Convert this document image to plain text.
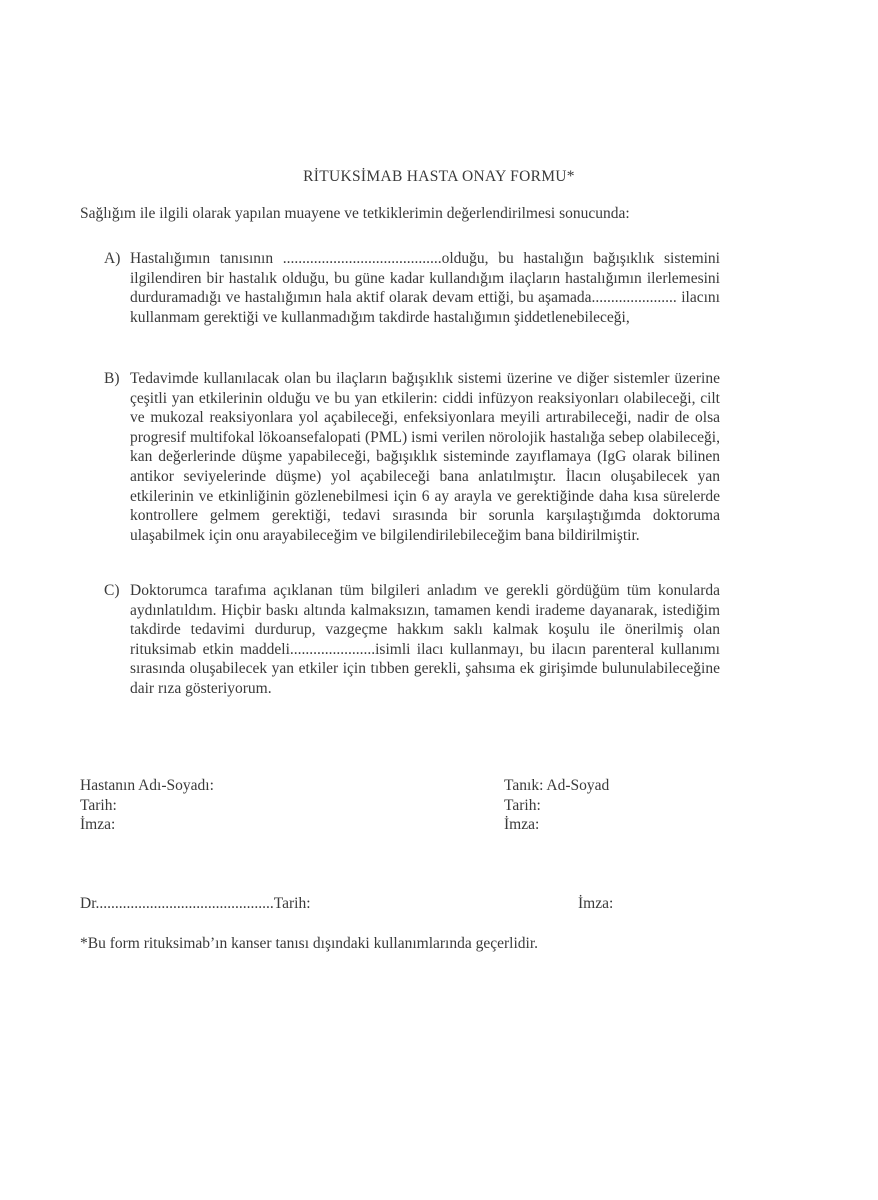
RİTUKSİMAB HASTA ONAY FORMU*
Sağlığım ile ilgili olarak yapılan muayene ve tetkiklerimin değerlendirilmesi sonucunda:
A) Hastalığımın tanısının .........................................olduğu, bu hastalığın bağışıklık sistemini ilgilendiren bir hastalık olduğu, bu güne kadar kullandığım ilaçların hastalığımın ilerlemesini durduramadığı ve hastalığımın hala aktif olarak devam ettiği, bu aşamada...................... ilacını kullanmam gerektiği ve kullanmadığım takdirde hastalığımın şiddetlenebileceği,
B) Tedavimde kullanılacak olan bu ilaçların bağışıklık sistemi üzerine ve diğer sistemler üzerine çeşitli yan etkilerinin olduğu ve bu yan etkilerin: ciddi infüzyon reaksiyonları olabileceği, cilt ve mukozal reaksiyonlara yol açabileceği, enfeksiyonlara meyili artırabileceği, nadir de olsa progresif multifokal lökoansefalopati (PML) ismi verilen nörolojik hastalığa sebep olabileceği, kan değerlerinde düşme yapabileceği, bağışıklık sisteminde zayıflamaya (IgG olarak bilinen antikor seviyelerinde düşme) yol açabileceği bana anlatılmıştır. İlacın oluşabilecek yan etkilerinin ve etkinliğinin gözlenebilmesi için 6 ay arayla ve gerektiğinde daha kısa sürelerde kontrollere gelmem gerektiği, tedavi sırasında bir sorunla karşılaştığımda doktoruma ulaşabilmek için onu arayabileceğim ve bilgilendirilebileceğim bana bildirilmiştir.
C) Doktorumca tarafıma açıklanan tüm bilgileri anladım ve gerekli gördüğüm tüm konularda aydınlatıldım. Hiçbir baskı altında kalmaksızın, tamamen kendi irademe dayanarak, istediğim takdirde tedavimi durdurup, vazgeçme hakkım saklı kalmak koşulu ile önerilmiş olan rituksimab etkin maddeli......................isimli ilacı kullanmayı, bu ilacın parenteral kullanımı sırasında oluşabilecek yan etkiler için tıbben gerekli, şahsıma ek girişimde bulunulabileceğine dair rıza gösteriyorum.
Hastanın Adı-Soyadı:
Tarih:
İmza:
Tanık: Ad-Soyad
Tarih:
İmza:
Dr..............................................Tarih:	İmza:
*Bu form rituksimab’ın kanser tanısı dışındaki kullanımlarında geçerlidir.
